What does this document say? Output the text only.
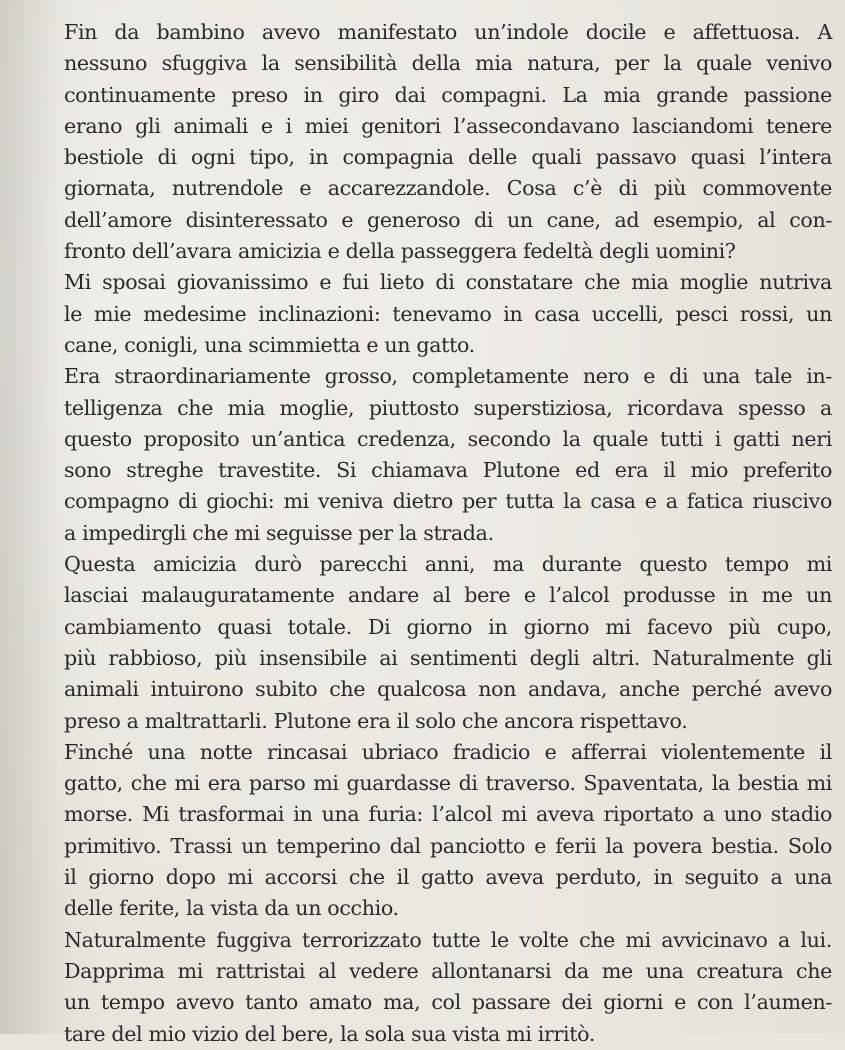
Fin da bambino avevo manifestato un’indole docile e affettuosa. A
nessuno sfuggiva la sensibilità della mia natura, per la quale venivo
continuamente preso in giro dai compagni. La mia grande passione
erano gli animali e i miei genitori l’assecondavano lasciandomi tenere
bestiole di ogni tipo, in compagnia delle quali passavo quasi l’intera
giornata, nutrendole e accarezzandole. Cosa c’è di più commovente
dell’amore disinteressato e generoso di un cane, ad esempio, al con-
fronto dell’avara amicizia e della passeggera fedeltà degli uomini?
Mi sposai giovanissimo e fui lieto di constatare che mia moglie nutriva
le mie medesime inclinazioni: tenevamo in casa uccelli, pesci rossi, un
cane, conigli, una scimmietta e un gatto.
Era straordinariamente grosso, completamente nero e di una tale in-
telligenza che mia moglie, piuttosto superstiziosa, ricordava spesso a
questo proposito un’antica credenza, secondo la quale tutti i gatti neri
sono streghe travestite. Si chiamava Plutone ed era il mio preferito
compagno di giochi: mi veniva dietro per tutta la casa e a fatica riuscivo
a impedirgli che mi seguisse per la strada.
Questa amicizia durò parecchi anni, ma durante questo tempo mi
lasciai malauguratamente andare al bere e l’alcol produsse in me un
cambiamento quasi totale. Di giorno in giorno mi facevo più cupo,
più rabbioso, più insensibile ai sentimenti degli altri. Naturalmente gli
animali intuirono subito che qualcosa non andava, anche perché avevo
preso a maltrattarli. Plutone era il solo che ancora rispettavo.
Finché una notte rincasai ubriaco fradicio e afferrai violentemente il
gatto, che mi era parso mi guardasse di traverso. Spaventata, la bestia mi
morse. Mi trasformai in una furia: l’alcol mi aveva riportato a uno stadio
primitivo. Trassi un temperino dal panciotto e ferii la povera bestia. Solo
il giorno dopo mi accorsi che il gatto aveva perduto, in seguito a una
delle ferite, la vista da un occhio.
Naturalmente fuggiva terrorizzato tutte le volte che mi avvicinavo a lui.
Dapprima mi rattristai al vedere allontanarsi da me una creatura che
un tempo avevo tanto amato ma, col passare dei giorni e con l’aumen-
tare del mio vizio del bere, la sola sua vista mi irritò.
